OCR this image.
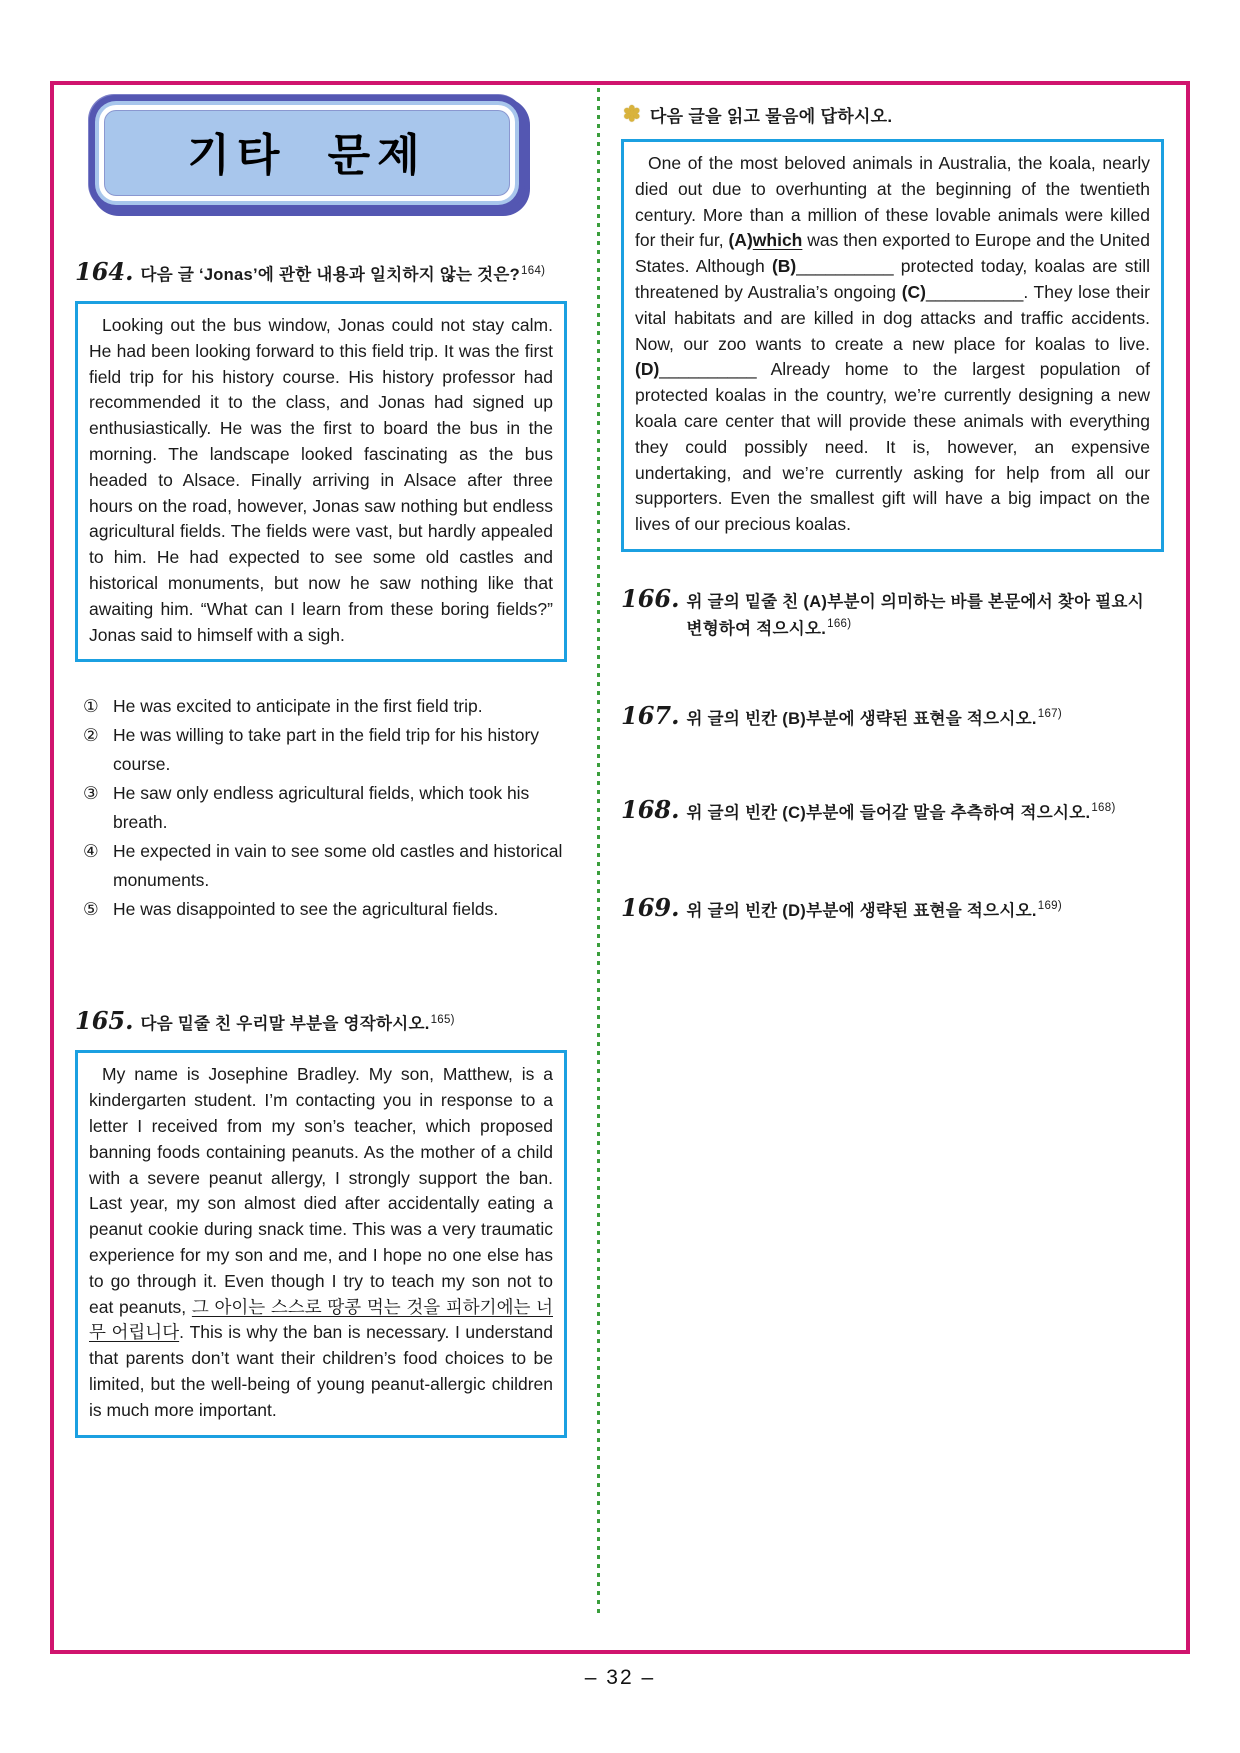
기타 문제
164. 다음 글 ‘Jonas’에 관한 내용과 일치하지 않는 것은?$^{164)}$

Looking out the bus window, Jonas could not stay calm. He had been looking forward to this field trip. It was the first field trip for his history course. His history professor had recommended it to the class, and Jonas had signed up enthusiastically. He was the first to board the bus in the morning. The landscape looked fascinating as the bus headed to Alsace. Finally arriving in Alsace after three hours on the road, however, Jonas saw nothing but endless agricultural fields. The fields were vast, but hardly appealed to him. He had expected to see some old castles and historical monuments, but now he saw nothing like that awaiting him. “What can I learn from these boring fields?” Jonas said to himself with a sigh.

① He was excited to anticipate in the first field trip.
② He was willing to take part in the field trip for his history course.
③ He saw only endless agricultural fields, which took his breath.
④ He expected in vain to see some old castles and historical monuments.
⑤ He was disappointed to see the agricultural fields.
165. 다음 밑줄 친 우리말 부분을 영작하시오.$^{165)}$

My name is Josephine Bradley. My son, Matthew, is a kindergarten student. I’m contacting you in response to a letter I received from my son’s teacher, which proposed banning foods containing peanuts. As the mother of a child with a severe peanut allergy, I strongly support the ban. Last year, my son almost died after accidentally eating a peanut cookie during snack time. This was a very traumatic experience for my son and me, and I hope no one else has to go through it. Even though I try to teach my son not to eat peanuts, 그 아이는 스스로 땅콩 먹는 것을 피하기에는 너무 어립니다. This is why the ban is necessary. I understand that parents don’t want their children’s food choices to be limited, but the well-being of young peanut-allergic children is much more important.

✽ 다음 글을 읽고 물음에 답하시오.

One of the most beloved animals in Australia, the koala, nearly died out due to overhunting at the beginning of the twentieth century. More than a million of these lovable animals were killed for their fur, (A)which was then exported to Europe and the United States. Although (B)__________ protected today, koalas are still threatened by Australia’s ongoing (C)__________. They lose their vital habitats and are killed in dog attacks and traffic accidents. Now, our zoo wants to create a new place for koalas to live. (D)__________ Already home to the largest population of protected koalas in the country, we’re currently designing a new koala care center that will provide these animals with everything they could possibly need. It is, however, an expensive undertaking, and we’re currently asking for help from all our supporters. Even the smallest gift will have a big impact on the lives of our precious koalas.

166. 위 글의 밑줄 친 (A)부분이 의미하는 바를 본문에서 찾아 필요시 변형하여 적으시오.$^{166)}$
167. 위 글의 빈칸 (B)부분에 생략된 표현을 적으시오.$^{167)}$
168. 위 글의 빈칸 (C)부분에 들어갈 말을 추측하여 적으시오.$^{168)}$
169. 위 글의 빈칸 (D)부분에 생략된 표현을 적으시오.$^{169)}$
– 32 –
